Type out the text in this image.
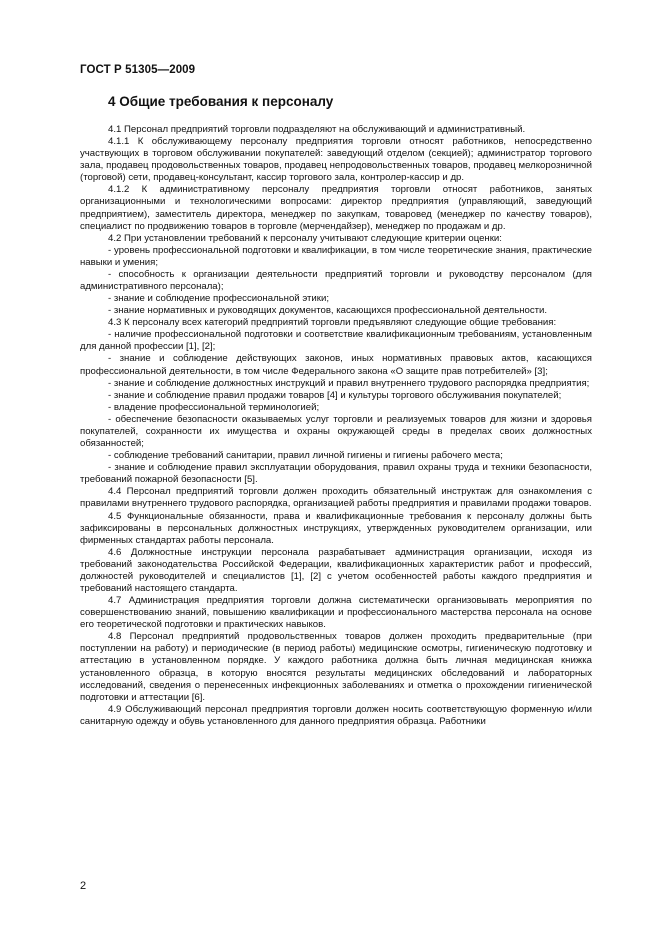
ГОСТ Р 51305—2009
4 Общие требования к персоналу

4.1 Персонал предприятий торговли подразделяют на обслуживающий и административный.

4.1.1 К обслуживающему персоналу предприятия торговли относят работников, непосредственно участвующих в торговом обслуживании покупателей: заведующий отделом (секцией); администратор торгового зала, продавец продовольственных товаров, продавец непродовольственных товаров, продавец мелкорозничной (торговой) сети, продавец-консультант, кассир торгового зала, контролер-кассир и др.

4.1.2 К административному персоналу предприятия торговли относят работников, занятых организационными и технологическими вопросами: директор предприятия (управляющий, заведующий предприятием), заместитель директора, менеджер по закупкам, товаровед (менеджер по качеству товаров), специалист по продвижению товаров в торговле (мерчендайзер), менеджер по продажам и др.

4.2 При установлении требований к персоналу учитывают следующие критерии оценки:

- уровень профессиональной подготовки и квалификации, в том числе теоретические знания, практические навыки и умения;

- способность к организации деятельности предприятий торговли и руководству персоналом (для административного персонала);

- знание и соблюдение профессиональной этики;

- знание нормативных и руководящих документов, касающихся профессиональной деятельности.

4.3 К персоналу всех категорий предприятий торговли предъявляют следующие общие требования:

- наличие профессиональной подготовки и соответствие квалификационным требованиям, установленным для данной профессии [1], [2];

- знание и соблюдение действующих законов, иных нормативных правовых актов, касающихся профессиональной деятельности, в том числе Федерального закона «О защите прав потребителей» [3];

- знание и соблюдение должностных инструкций и правил внутреннего трудового распорядка предприятия;

- знание и соблюдение правил продажи товаров [4] и культуры торгового обслуживания покупателей;

- владение профессиональной терминологией;

- обеспечение безопасности оказываемых услуг торговли и реализуемых товаров для жизни и здоровья покупателей, сохранности их имущества и охраны окружающей среды в пределах своих должностных обязанностей;

- соблюдение требований санитарии, правил личной гигиены и гигиены рабочего места;

- знание и соблюдение правил эксплуатации оборудования, правил охраны труда и техники безопасности, требований пожарной безопасности [5].

4.4 Персонал предприятий торговли должен проходить обязательный инструктаж для ознакомления с правилами внутреннего трудового распорядка, организацией работы предприятия и правилами продажи товаров.

4.5 Функциональные обязанности, права и квалификационные требования к персоналу должны быть зафиксированы в персональных должностных инструкциях, утвержденных руководителем организации, или фирменных стандартах работы персонала.

4.6 Должностные инструкции персонала разрабатывает администрация организации, исходя из требований законодательства Российской Федерации, квалификационных характеристик работ и профессий, должностей руководителей и специалистов [1], [2] с учетом особенностей работы каждого предприятия и требований настоящего стандарта.

4.7 Администрация предприятия торговли должна систематически организовывать мероприятия по совершенствованию знаний, повышению квалификации и профессионального мастерства персонала на основе его теоретической подготовки и практических навыков.

4.8 Персонал предприятий продовольственных товаров должен проходить предварительные (при поступлении на работу) и периодические (в период работы) медицинские осмотры, гигиеническую подготовку и аттестацию в установленном порядке. У каждого работника должна быть личная медицинская книжка установленного образца, в которую вносятся результаты медицинских обследований и лабораторных исследований, сведения о перенесенных инфекционных заболеваниях и отметка о прохождении гигиенической подготовки и аттестации [6].

4.9 Обслуживающий персонал предприятия торговли должен носить соответствующую форменную и/или санитарную одежду и обувь установленного для данного предприятия образца. Работники

2
